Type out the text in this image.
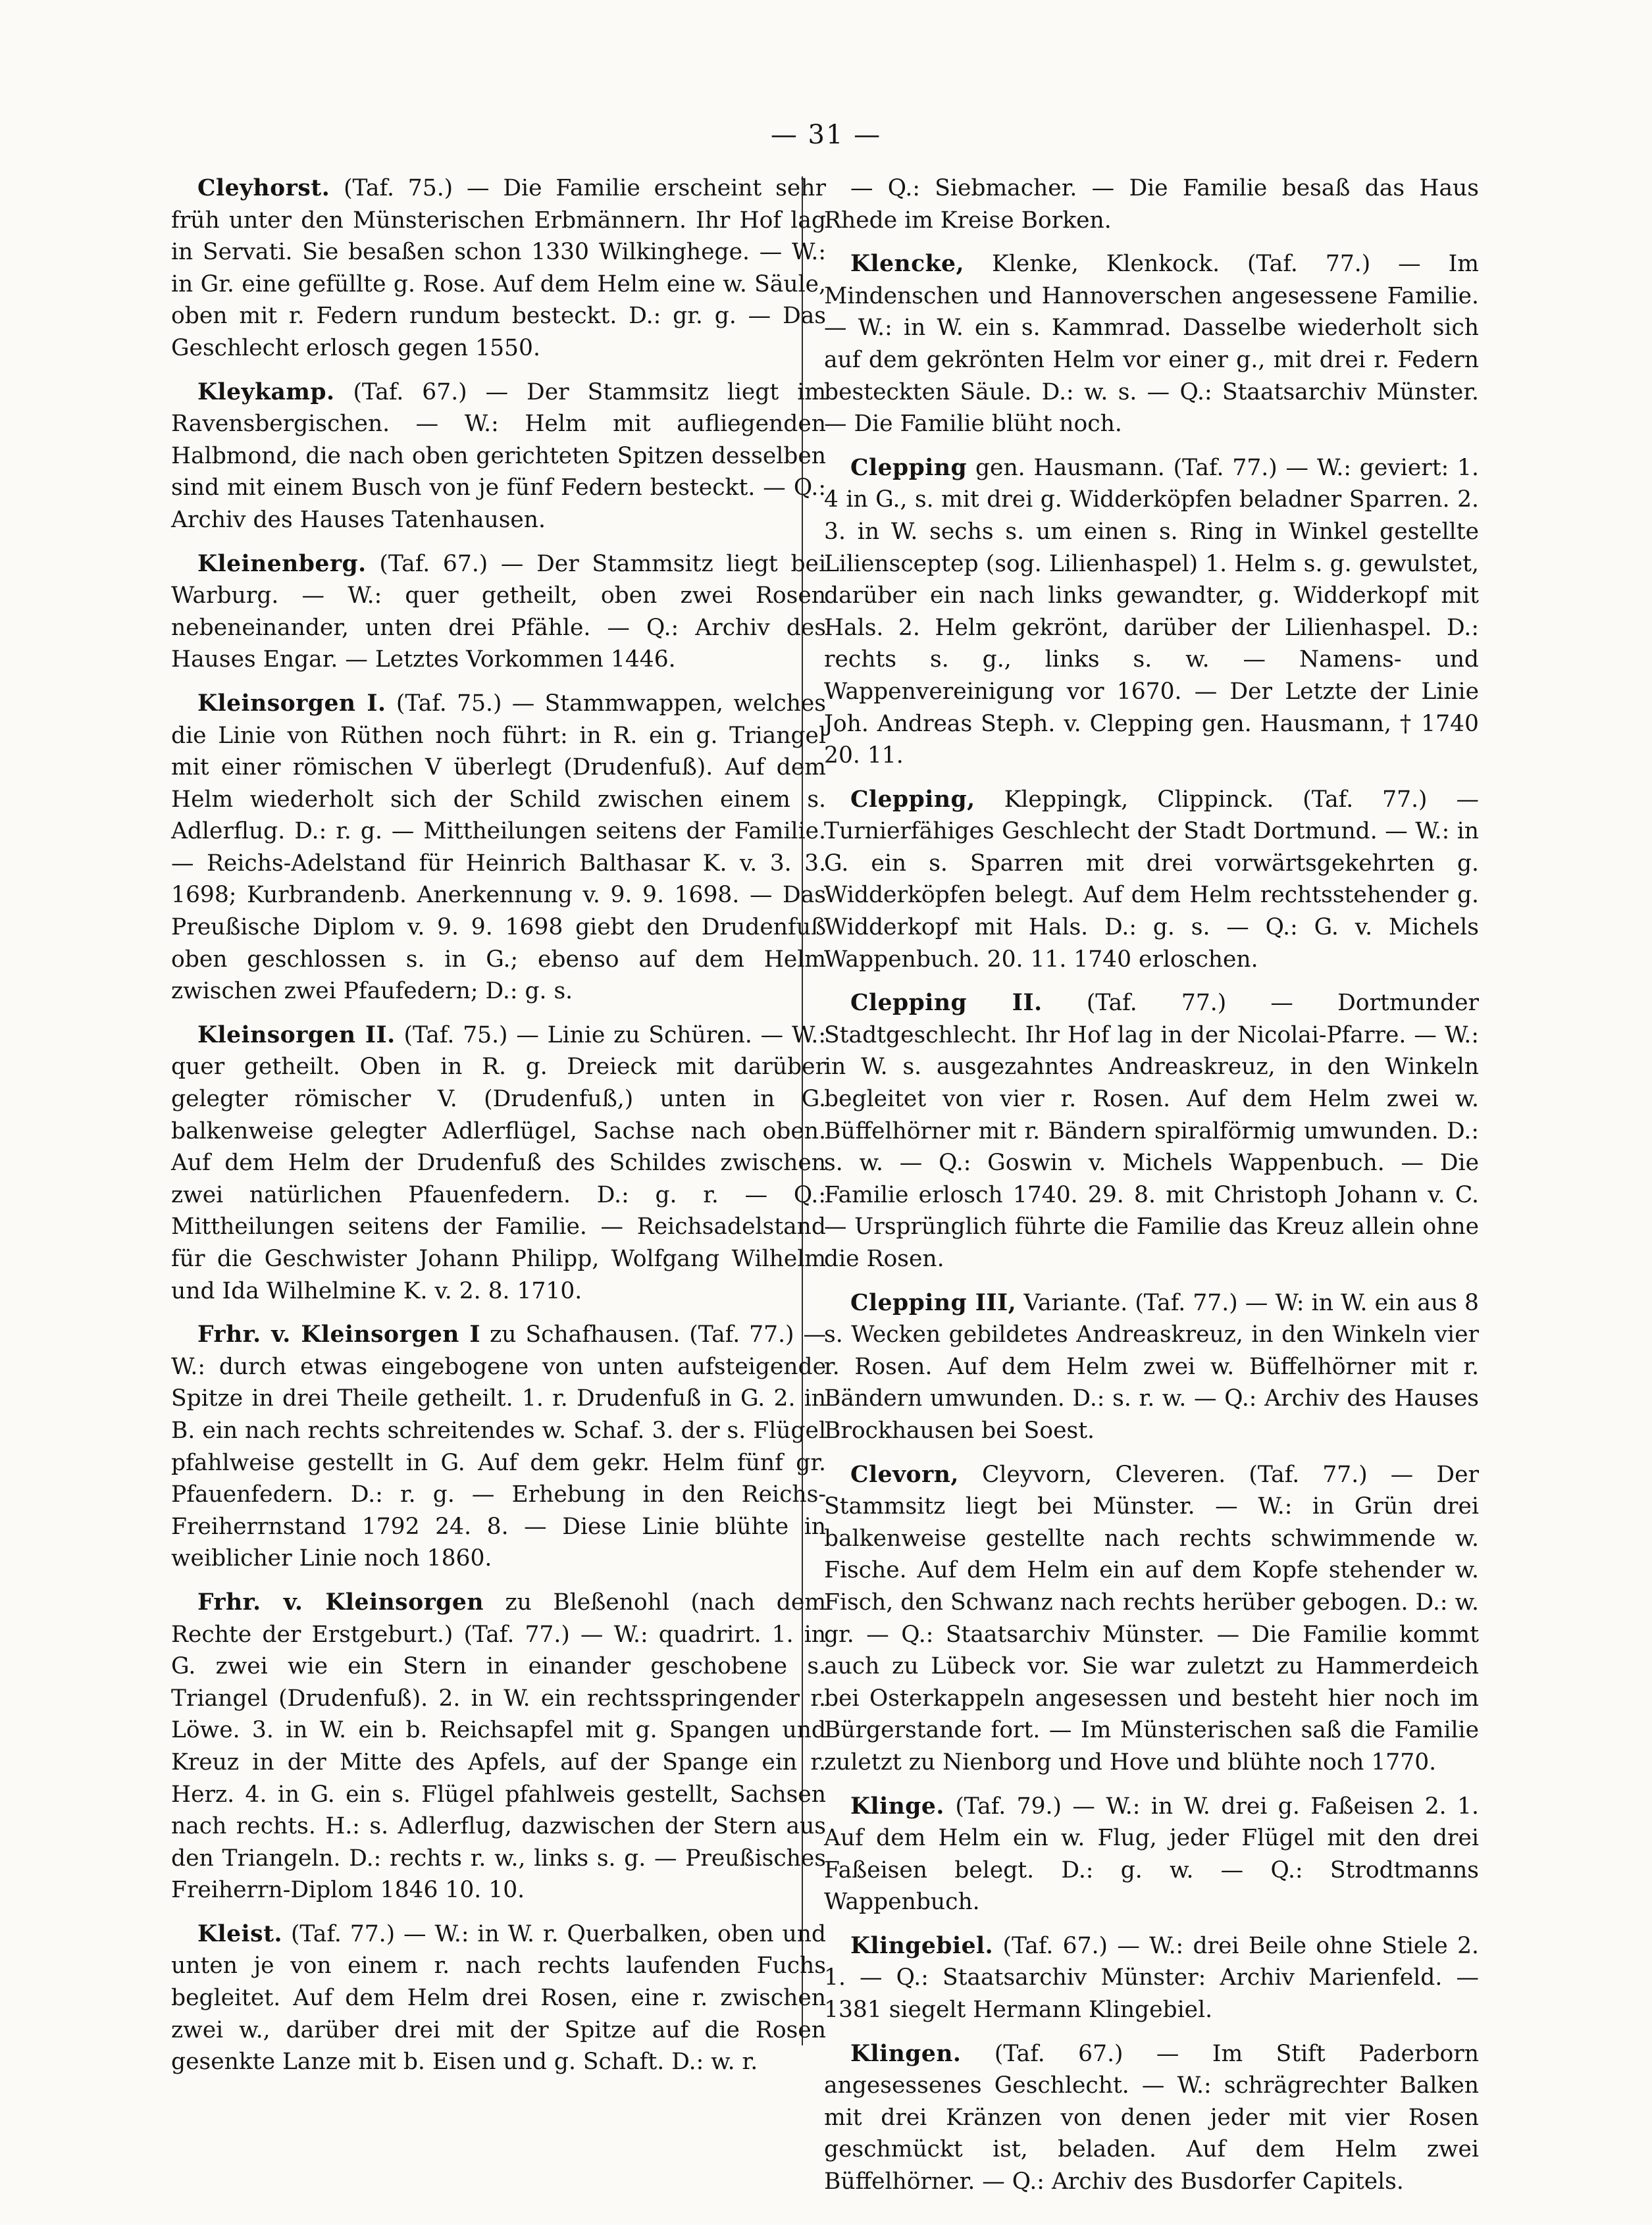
— 31 —

Cleyhorst. (Taf. 75.) — Die Familie erscheint sehr früh unter den Münsterischen Erbmännern. Ihr Hof lag in Servati. Sie besaßen schon 1330 Wilkinghege. — W.: in Gr. eine gefüllte g. Rose. Auf dem Helm eine w. Säule, oben mit r. Federn rundum besteckt. D.: gr. g. — Das Geschlecht erlosch gegen 1550.

Kleykamp. (Taf. 67.) — Der Stammsitz liegt im Ravensbergischen. — W.: Helm mit aufliegenden Halbmond, die nach oben gerichteten Spitzen desselben sind mit einem Busch von je fünf Federn besteckt. — Q.: Archiv des Hauses Tatenhausen.

Kleinenberg. (Taf. 67.) — Der Stammsitz liegt bei Warburg. — W.: quer getheilt, oben zwei Rosen nebeneinander, unten drei Pfähle. — Q.: Archiv des Hauses Engar. — Letztes Vorkommen 1446.

Kleinsorgen I. (Taf. 75.) — Stammwappen, welches die Linie von Rüthen noch führt: in R. ein g. Triangel mit einer römischen V überlegt (Drudenfuß). Auf dem Helm wiederholt sich der Schild zwischen einem s. Adlerflug. D.: r. g. — Mittheilungen seitens der Familie. — Reichs-Adelstand für Heinrich Balthasar K. v. 3. 3. 1698; Kurbrandenb. Anerkennung v. 9. 9. 1698. — Das Preußische Diplom v. 9. 9. 1698 giebt den Drudenfuß oben geschlossen s. in G.; ebenso auf dem Helm zwischen zwei Pfaufedern; D.: g. s.

Kleinsorgen II. (Taf. 75.) — Linie zu Schüren. — W.: quer getheilt. Oben in R. g. Dreieck mit darüber gelegter römischer V. (Drudenfuß,) unten in G. balkenweise gelegter Adlerflügel, Sachse nach oben. Auf dem Helm der Drudenfuß des Schildes zwischen zwei natürlichen Pfauenfedern. D.: g. r. — Q.: Mittheilungen seitens der Familie. — Reichsadelstand für die Geschwister Johann Philipp, Wolfgang Wilhelm und Ida Wilhelmine K. v. 2. 8. 1710.

Frhr. v. Kleinsorgen I zu Schafhausen. (Taf. 77.) — W.: durch etwas eingebogene von unten aufsteigende Spitze in drei Theile getheilt. 1. r. Drudenfuß in G. 2. in B. ein nach rechts schreitendes w. Schaf. 3. der s. Flügel pfahlweise gestellt in G. Auf dem gekr. Helm fünf gr. Pfauenfedern. D.: r. g. — Erhebung in den Reichs-Freiherrnstand 1792 24. 8. — Diese Linie blühte in weiblicher Linie noch 1860.

Frhr. v. Kleinsorgen zu Bleßenohl (nach dem Rechte der Erstgeburt.) (Taf. 77.) — W.: quadrirt. 1. in G. zwei wie ein Stern in einander geschobene s. Triangel (Drudenfuß). 2. in W. ein rechtsspringender r. Löwe. 3. in W. ein b. Reichsapfel mit g. Spangen und Kreuz in der Mitte des Apfels, auf der Spange ein r. Herz. 4. in G. ein s. Flügel pfahlweis gestellt, Sachsen nach rechts. H.: s. Adlerflug, dazwischen der Stern aus den Triangeln. D.: rechts r. w., links s. g. — Preußisches Freiherrn-Diplom 1846 10. 10.

Kleist. (Taf. 77.) — W.: in W. r. Querbalken, oben und unten je von einem r. nach rechts laufenden Fuchs begleitet. Auf dem Helm drei Rosen, eine r. zwischen zwei w., darüber drei mit der Spitze auf die Rosen gesenkte Lanze mit b. Eisen und g. Schaft. D.: w. r.

— Q.: Siebmacher. — Die Familie besaß das Haus Rhede im Kreise Borken.

Klencke, Klenke, Klenkock. (Taf. 77.) — Im Mindenschen und Hannoverschen angesessene Familie. — W.: in W. ein s. Kammrad. Dasselbe wiederholt sich auf dem gekrönten Helm vor einer g., mit drei r. Federn besteckten Säule. D.: w. s. — Q.: Staatsarchiv Münster. — Die Familie blüht noch.

Clepping gen. Hausmann. (Taf. 77.) — W.: geviert: 1. 4 in G., s. mit drei g. Widderköpfen beladner Sparren. 2. 3. in W. sechs s. um einen s. Ring in Winkel gestellte Liliensceptер (sog. Lilienhaspel) 1. Helm s. g. gewulstet, darüber ein nach links gewandter, g. Widderkopf mit Hals. 2. Helm gekrönt, darüber der Lilienhaspel. D.: rechts s. g., links s. w. — Namens- und Wappenvereinigung vor 1670. — Der Letzte der Linie Joh. Andreas Steph. v. Clepping gen. Hausmann, † 1740 20. 11.

Clepping, Kleppingk, Clippinck. (Taf. 77.) — Turnierfähiges Geschlecht der Stadt Dortmund. — W.: in G. ein s. Sparren mit drei vorwärtsgekehrten g. Widderköpfen belegt. Auf dem Helm rechtsstehender g. Widderkopf mit Hals. D.: g. s. — Q.: G. v. Michels Wappenbuch. 20. 11. 1740 erloschen.

Clepping II. (Taf. 77.) — Dortmunder Stadtgeschlecht. Ihr Hof lag in der Nicolai-Pfarre. — W.: in W. s. ausgezahntes Andreaskreuz, in den Winkeln begleitet von vier r. Rosen. Auf dem Helm zwei w. Büffelhörner mit r. Bändern spiralförmig umwunden. D.: s. w. — Q.: Goswin v. Michels Wappenbuch. — Die Familie erlosch 1740. 29. 8. mit Christoph Johann v. C. — Ursprünglich führte die Familie das Kreuz allein ohne die Rosen.

Clepping III, Variante. (Taf. 77.) — W: in W. ein aus 8 s. Wecken gebildetes Andreaskreuz, in den Winkeln vier r. Rosen. Auf dem Helm zwei w. Büffelhörner mit r. Bändern umwunden. D.: s. r. w. — Q.: Archiv des Hauses Brockhausen bei Soest.

Clevorn, Cleyvorn, Cleveren. (Taf. 77.) — Der Stammsitz liegt bei Münster. — W.: in Grün drei balkenweise gestellte nach rechts schwimmende w. Fische. Auf dem Helm ein auf dem Kopfe stehender w. Fisch, den Schwanz nach rechts herüber gebogen. D.: w. gr. — Q.: Staatsarchiv Münster. — Die Familie kommt auch zu Lübeck vor. Sie war zuletzt zu Hammerdeich bei Osterkappeln angesessen und besteht hier noch im Bürgerstande fort. — Im Münsterischen saß die Familie zuletzt zu Nienborg und Hove und blühte noch 1770.

Klinge. (Taf. 79.) — W.: in W. drei g. Faßeisen 2. 1. Auf dem Helm ein w. Flug, jeder Flügel mit den drei Faßeisen belegt. D.: g. w. — Q.: Strodtmanns Wappenbuch.

Klingebiel. (Taf. 67.) — W.: drei Beile ohne Stiele 2. 1. — Q.: Staatsarchiv Münster: Archiv Marienfeld. — 1381 siegelt Hermann Klingebiel.

Klingen. (Taf. 67.) — Im Stift Paderborn angesessenes Geschlecht. — W.: schrägrechter Balken mit drei Kränzen von denen jeder mit vier Rosen geschmückt ist, beladen. Auf dem Helm zwei Büffelhörner. — Q.: Archiv des Busdorfer Capitels.
